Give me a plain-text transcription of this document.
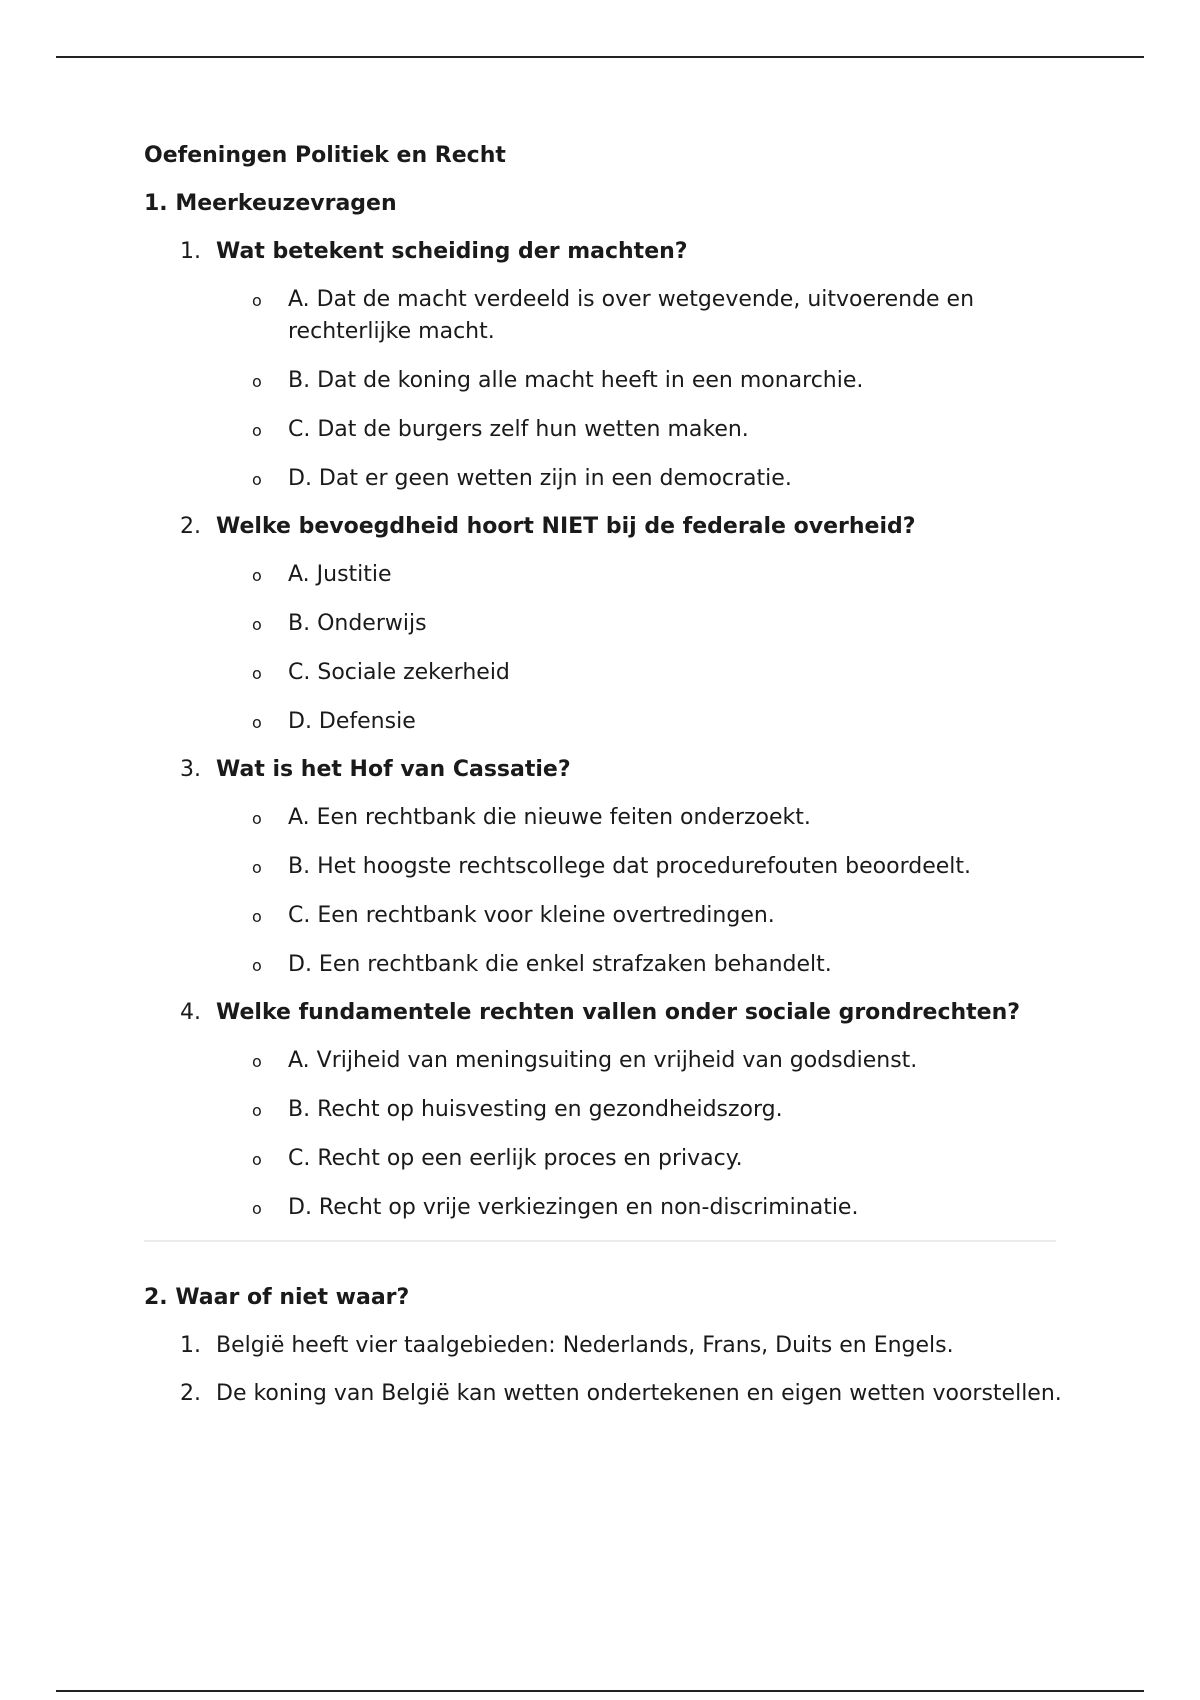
Oefeningen Politiek en Recht
1. Meerkeuzevragen
1. Wat betekent scheiding der machten?
o A. Dat de macht verdeeld is over wetgevende, uitvoerende en rechterlijke macht.
o B. Dat de koning alle macht heeft in een monarchie.
o C. Dat de burgers zelf hun wetten maken.
o D. Dat er geen wetten zijn in een democratie.
2. Welke bevoegdheid hoort NIET bij de federale overheid?
o A. Justitie
o B. Onderwijs
o C. Sociale zekerheid
o D. Defensie
3. Wat is het Hof van Cassatie?
o A. Een rechtbank die nieuwe feiten onderzoekt.
o B. Het hoogste rechtscollege dat procedurefouten beoordeelt.
o C. Een rechtbank voor kleine overtredingen.
o D. Een rechtbank die enkel strafzaken behandelt.
4. Welke fundamentele rechten vallen onder sociale grondrechten?
o A. Vrijheid van meningsuiting en vrijheid van godsdienst.
o B. Recht op huisvesting en gezondheidszorg.
o C. Recht op een eerlijk proces en privacy.
o D. Recht op vrije verkiezingen en non-discriminatie.
2. Waar of niet waar?
1. België heeft vier taalgebieden: Nederlands, Frans, Duits en Engels.
2. De koning van België kan wetten ondertekenen en eigen wetten voorstellen.
